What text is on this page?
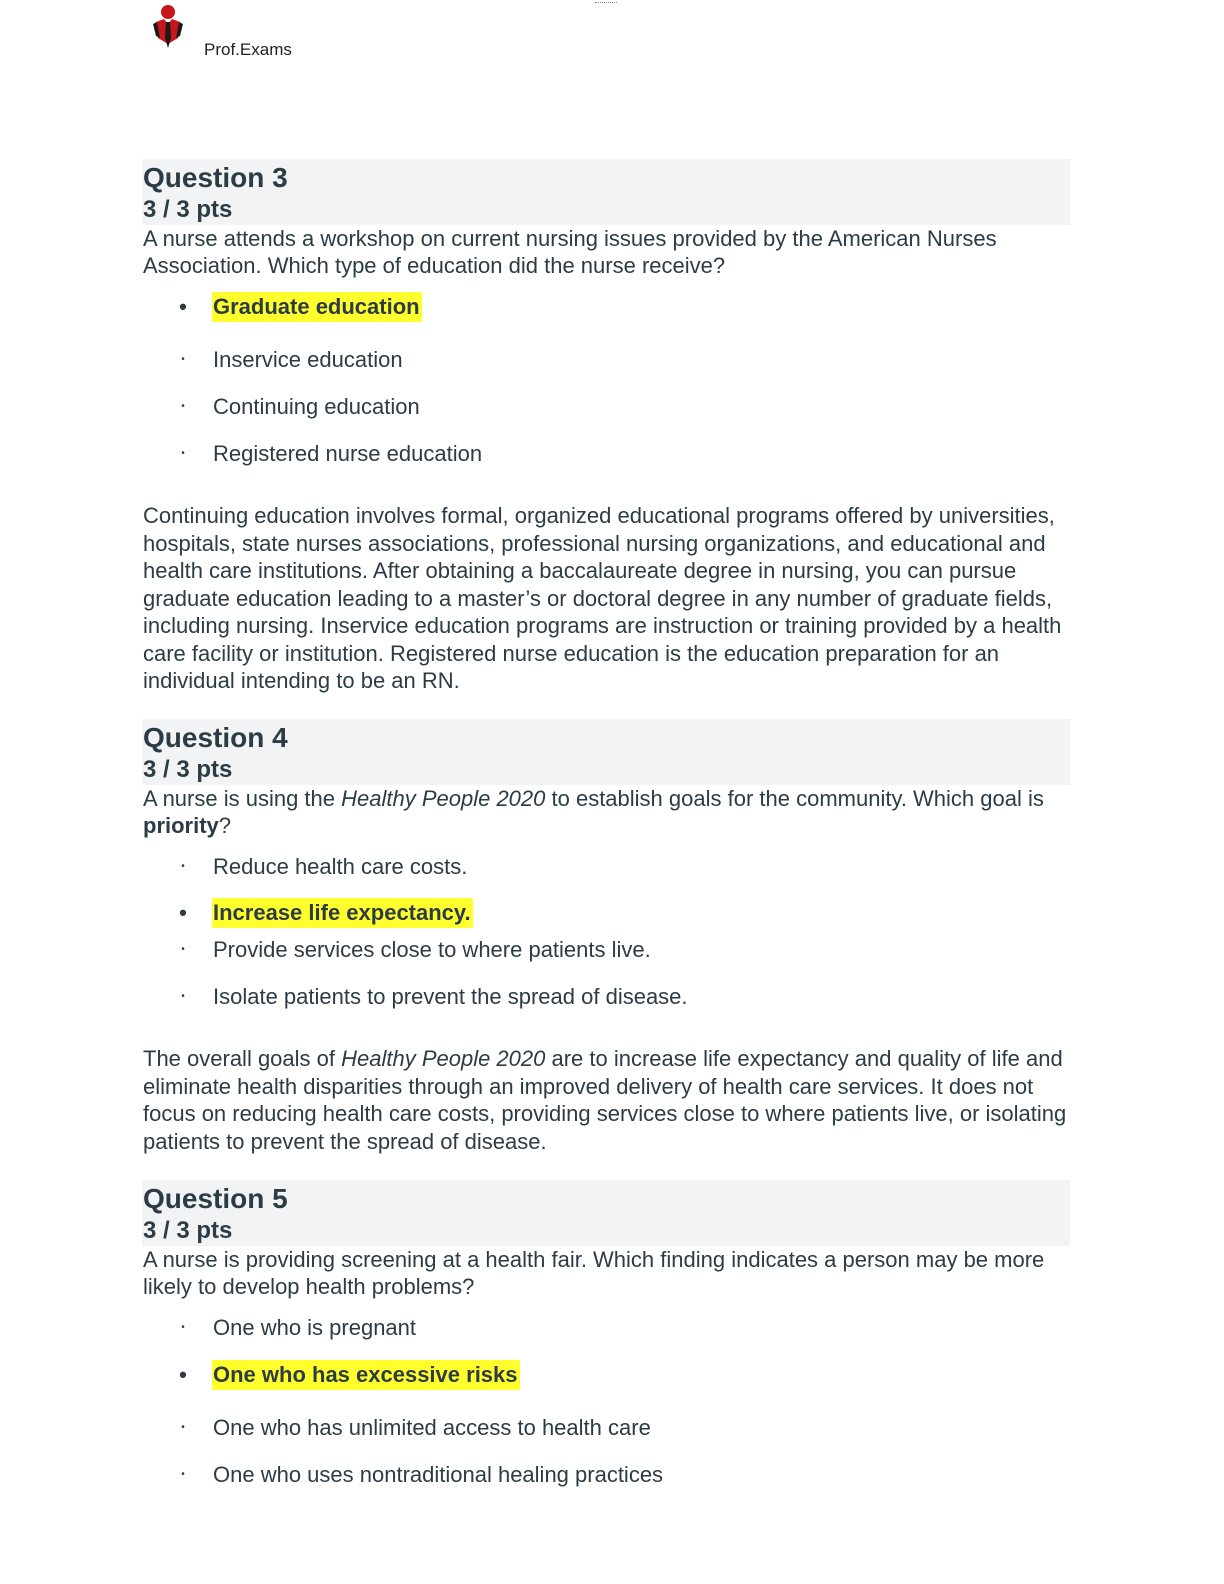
Prof.Exams
Question 3
3 / 3 pts

A nurse attends a workshop on current nursing issues provided by the American Nurses Association. Which type of education did the nurse receive?

• Graduate education
• Inservice education
• Continuing education
• Registered nurse education

Continuing education involves formal, organized educational programs offered by universities, hospitals, state nurses associations, professional nursing organizations, and educational and health care institutions. After obtaining a baccalaureate degree in nursing, you can pursue graduate education leading to a master’s or doctoral degree in any number of graduate fields, including nursing. Inservice education programs are instruction or training provided by a health care facility or institution. Registered nurse education is the education preparation for an individual intending to be an RN.

Question 4
3 / 3 pts

A nurse is using the Healthy People 2020 to establish goals for the community. Which goal is priority?

• Reduce health care costs.
• Increase life expectancy.
• Provide services close to where patients live.
• Isolate patients to prevent the spread of disease.

The overall goals of Healthy People 2020 are to increase life expectancy and quality of life and eliminate health disparities through an improved delivery of health care services. It does not focus on reducing health care costs, providing services close to where patients live, or isolating patients to prevent the spread of disease.

Question 5
3 / 3 pts

A nurse is providing screening at a health fair. Which finding indicates a person may be more likely to develop health problems?

• One who is pregnant
• One who has excessive risks
• One who has unlimited access to health care
• One who uses nontraditional healing practices
